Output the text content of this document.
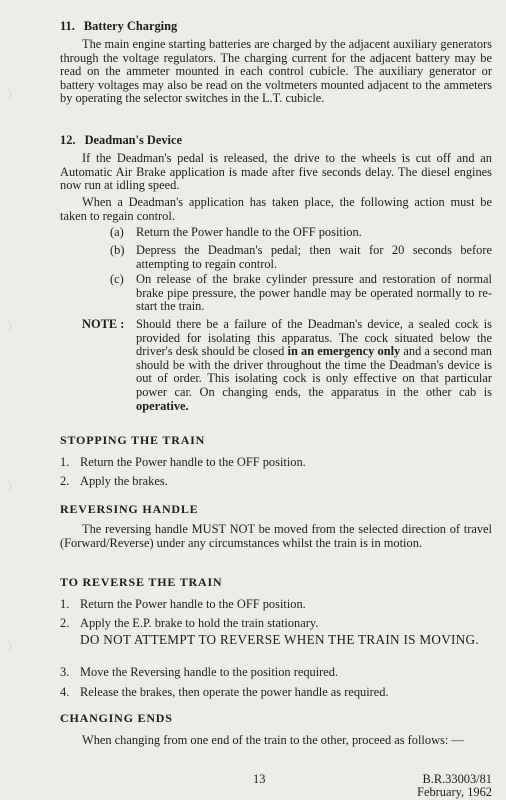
11. Battery Charging

The main engine starting batteries are charged by the adjacent auxiliary generators through the voltage regulators. The charging current for the adjacent battery may be read on the ammeter mounted in each control cubicle. The auxiliary generator or battery voltages may also be read on the voltmeters mounted adjacent to the ammeters by operating the selector switches in the L.T. cubicle.

12. Deadman's Device

If the Deadman's pedal is released, the drive to the wheels is cut off and an Automatic Air Brake application is made after five seconds delay. The diesel engines now run at idling speed.

When a Deadman's application has taken place, the following action must be taken to regain control.

(a) Return the Power handle to the OFF position.

(b) Depress the Deadman's pedal; then wait for 20 seconds before attempting to regain control.

(c) On release of the brake cylinder pressure and restoration of normal brake pipe pressure, the power handle may be operated normally to re-start the train.

NOTE : Should there be a failure of the Deadman's device, a sealed cock is provided for isolating this apparatus. The cock situated below the driver's desk should be closed in an emergency only and a second man should be with the driver throughout the time the Deadman's device is out of order. This isolating cock is only effective on that particular power car. On changing ends, the apparatus in the other cab is operative.

STOPPING THE TRAIN
1. Return the Power handle to the OFF position.

2. Apply the brakes.

REVERSING HANDLE

The reversing handle MUST NOT be moved from the selected direction of travel (Forward/Reverse) under any circumstances whilst the train is in motion.

TO REVERSE THE TRAIN
1. Return the Power handle to the OFF position.

2. Apply the E.P. brake to hold the train stationary.

DO NOT ATTEMPT TO REVERSE WHEN THE TRAIN IS MOVING.

3. Move the Reversing handle to the position required.

4. Release the brakes, then operate the power handle as required.

CHANGING ENDS

When changing from one end of the train to the other, proceed as follows: —

13	B.R.33003/81
February, 1962
